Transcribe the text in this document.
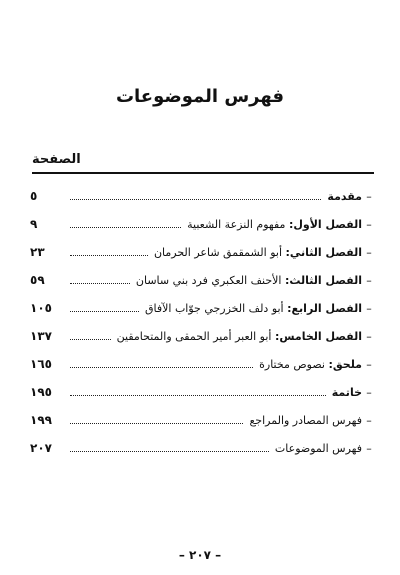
فهرس الموضوعات
الصفحة
–
مقدمة
٥
–
الفصل الأول: مفهوم النزعة الشعبية
٩
–
الفصل الثاني: أبو الشمقمق شاعر الحرمان
٢٣
–
الفصل الثالث: الأحنف العكبري فرد بني ساسان
٥٩
–
الفصل الرابع: أبو دلف الخزرجي جوّاب الآفاق
١٠٥
–
الفصل الخامس: أبو العبر أمير الحمقى والمتحامقين
١٣٧
–
ملحق: نصوص مختارة
١٦٥
–
خاتمة
١٩٥
–
فهرس المصادر والمراجع
١٩٩
–
فهرس الموضوعات
٢٠٧
– ٢٠٧ –
